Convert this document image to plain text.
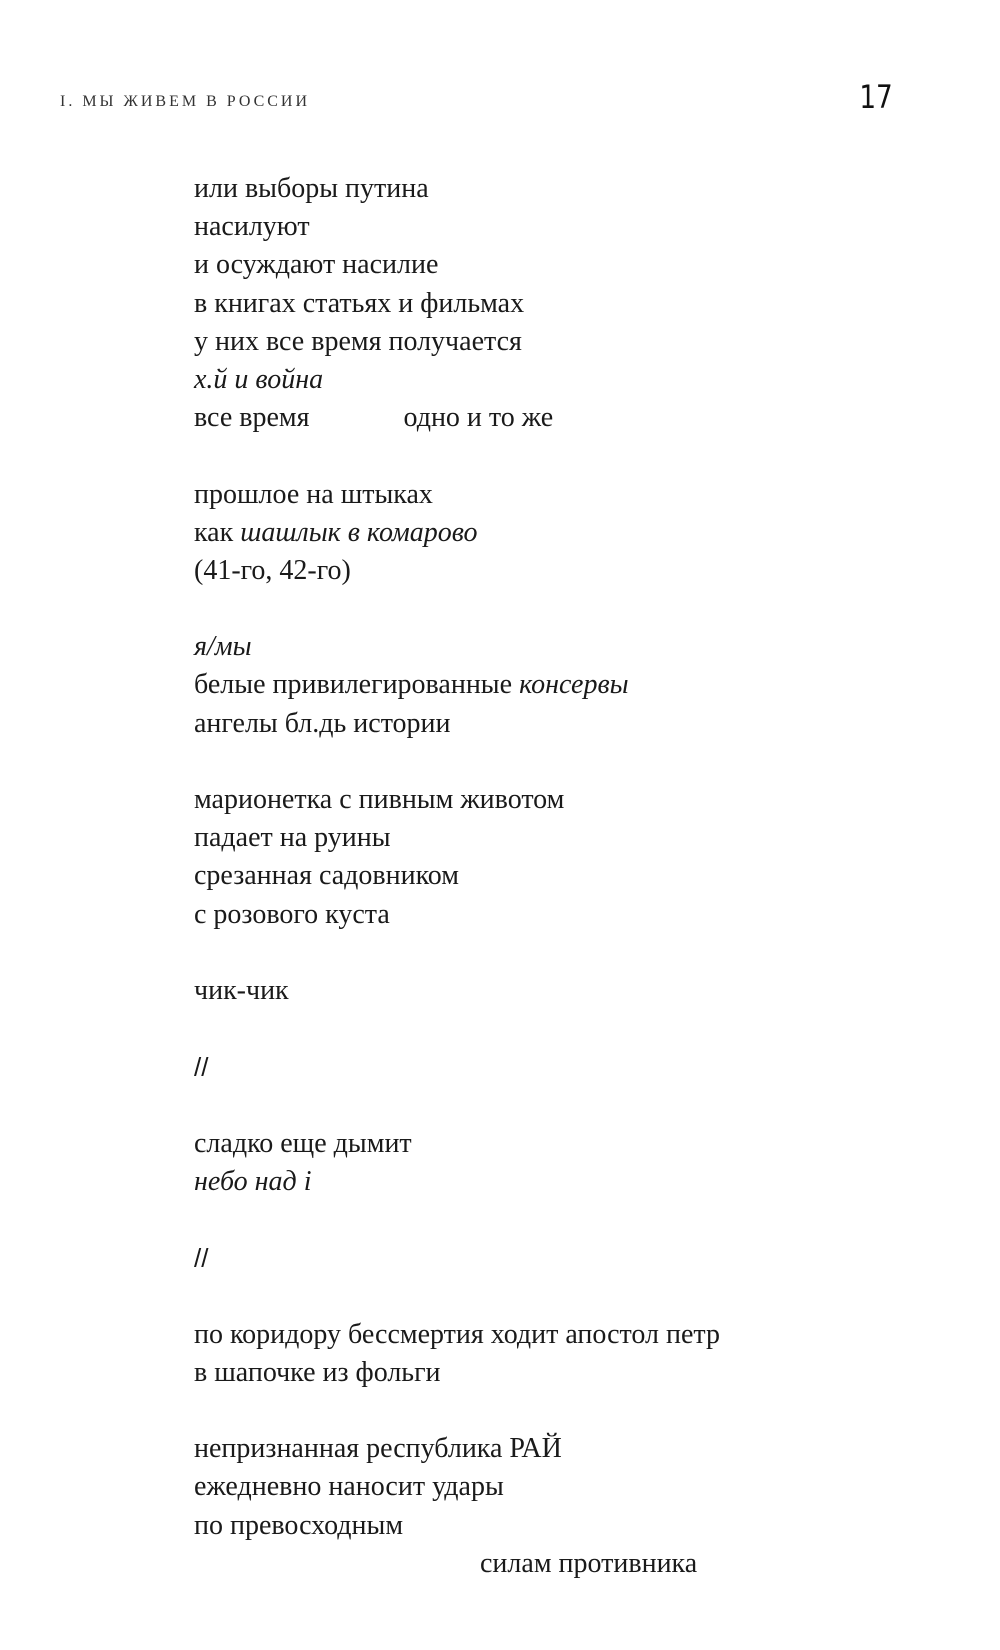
I. МЫ ЖИВЕМ В РОССИИ	17
или выборы путина
насилуют
и осуждают насилие
в книгах статьях и фильмах
у них все время получается
х.й и война
все время	одно и то же
прошлое на штыках
как шашлык в комарово
(41-го, 42-го)
я/мы
белые привилегированные консервы
ангелы бл.дь истории
марионетка с пивным животом
падает на руины
срезанная садовником
с розового куста
чик-чик
//
сладко еще дымит
небо над і
//
по коридору бессмертия ходит апостол петр
в шапочке из фольги
непризнанная республика РАЙ
ежедневно наносит удары
по превосходным
силам противника
